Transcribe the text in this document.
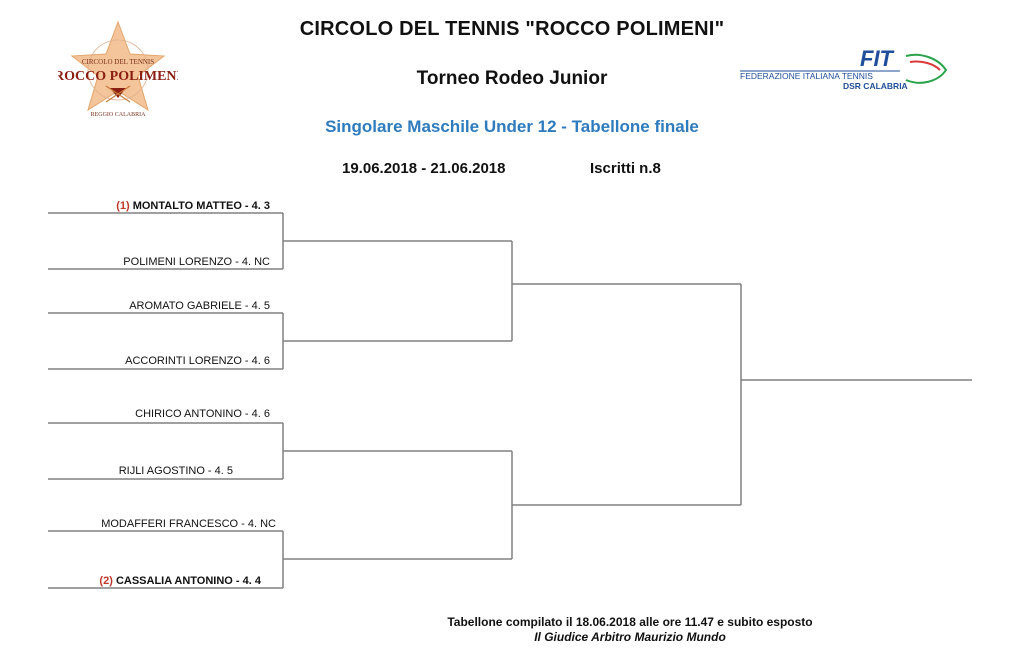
CIRCOLO DEL TENNIS "ROCCO POLIMENI"
Torneo Rodeo Junior
Singolare Maschile Under 12 - Tabellone finale
19.06.2018 - 21.06.2018	Iscritti n.8
CIRCOLO DEL TENNIS
ROCCO POLIMENI
REGGIO CALABRIA
FIT
FEDERAZIONE ITALIANA TENNIS
DSR CALABRIA
(1) MONTALTO MATTEO - 4. 3
POLIMENI LORENZO - 4. NC
AROMATO GABRIELE - 4. 5
ACCORINTI LORENZO - 4. 6
CHIRICO ANTONINO - 4. 6
RIJLI AGOSTINO - 4. 5
MODAFFERI FRANCESCO - 4. NC
(2) CASSALIA ANTONINO - 4. 4
Tabellone compilato il 18.06.2018 alle ore 11.47 e subito esposto
Il Giudice Arbitro Maurizio Mundo
